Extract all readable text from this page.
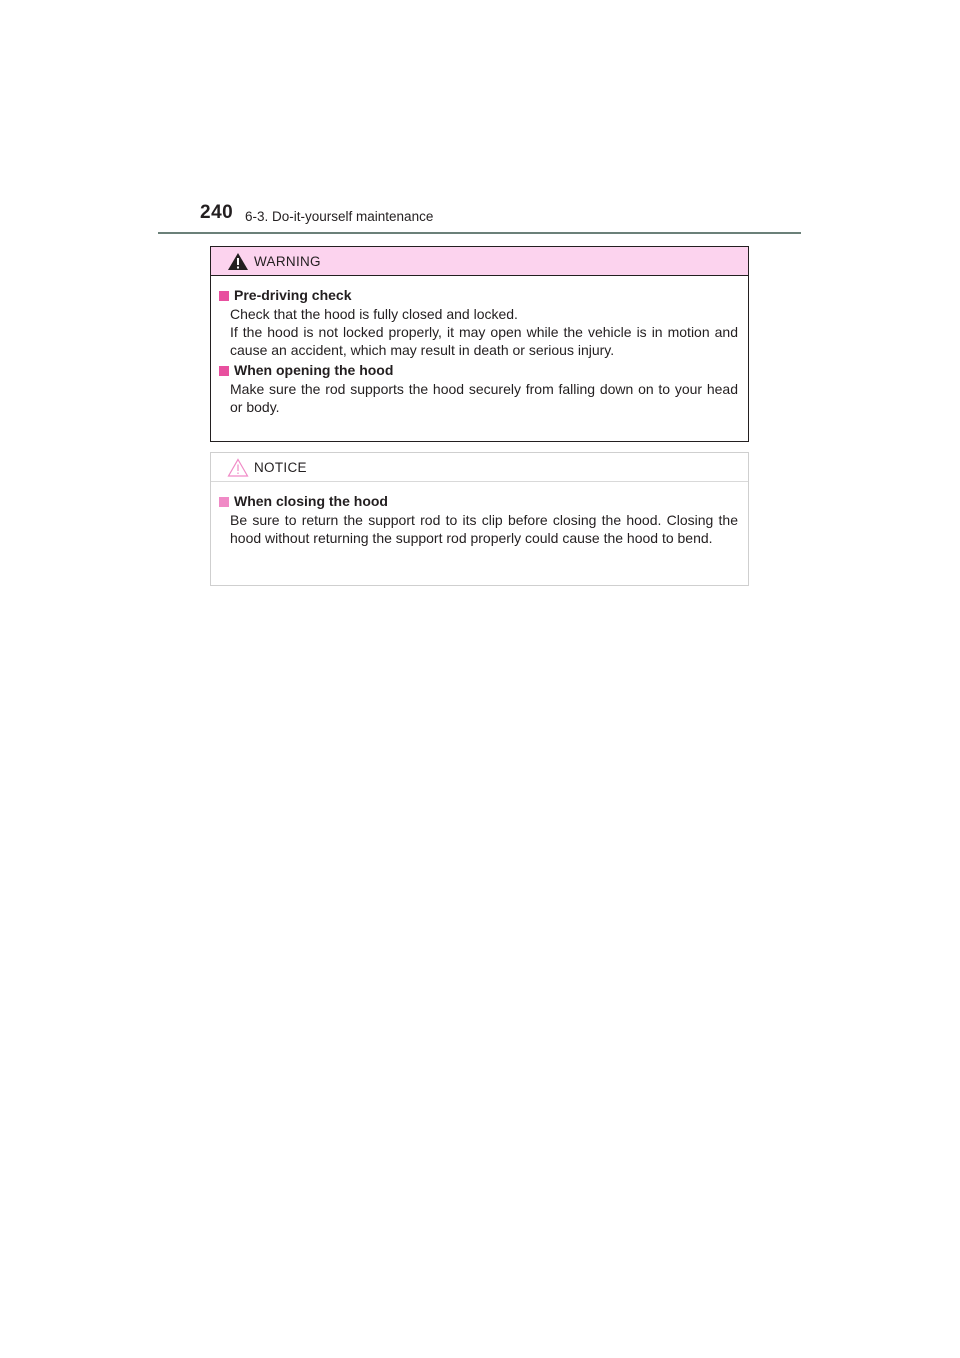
240 6-3. Do-it-yourself maintenance
WARNING
Pre-driving check

Check that the hood is fully closed and locked.

If the hood is not locked properly, it may open while the vehicle is in motion and cause an accident, which may result in death or serious injury.

When opening the hood

Make sure the rod supports the hood securely from falling down on to your head or body.

NOTICE
When closing the hood

Be sure to return the support rod to its clip before closing the hood. Closing the hood without returning the support rod properly could cause the hood to bend.
